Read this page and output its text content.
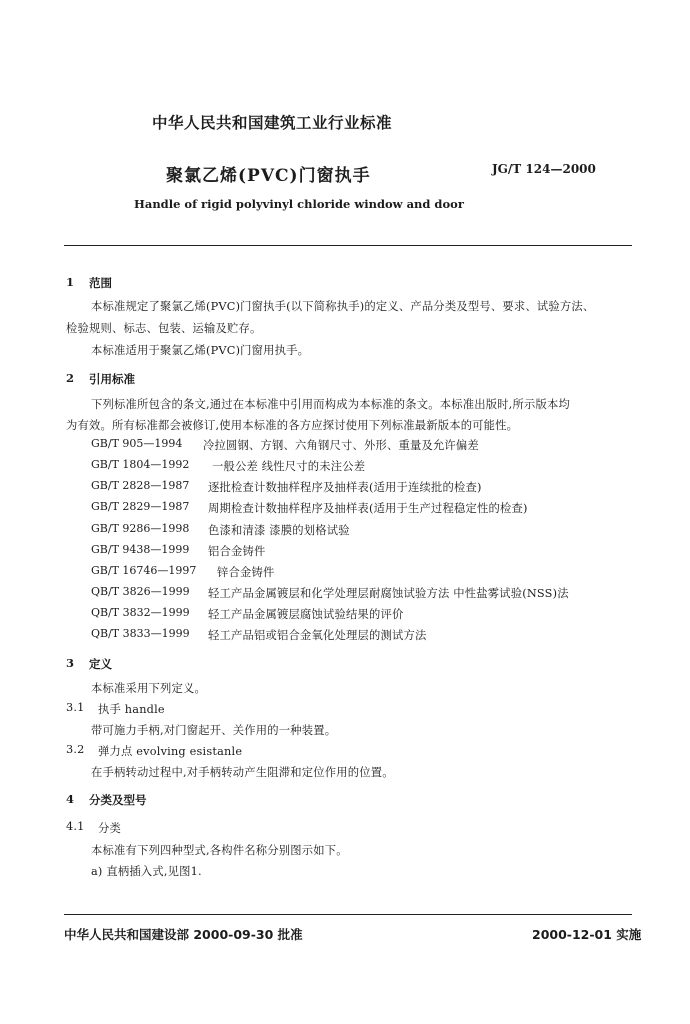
中华人民共和国建筑工业行业标准
聚氯乙烯(PVC)门窗执手	JG/T 124—2000
Handle of rigid polyvinyl chloride window and door
1 范围
本标准规定了聚氯乙烯(PVC)门窗执手(以下简称执手)的定义、产品分类及型号、要求、试验方法、
检验规则、标志、包装、运输及贮存。
本标准适用于聚氯乙烯(PVC)门窗用执手。
2 引用标准
下列标准所包含的条文,通过在本标准中引用而构成为本标准的条文。本标准出版时,所示版本均
为有效。所有标准都会被修订,使用本标准的各方应探讨使用下列标准最新版本的可能性。
GB/T 905—1994 冷拉圆钢、方钢、六角钢尺寸、外形、重量及允许偏差
GB/T 1804—1992 一般公差 线性尺寸的未注公差
GB/T 2828—1987 逐批检查计数抽样程序及抽样表(适用于连续批的检查)
GB/T 2829—1987 周期检查计数抽样程序及抽样表(适用于生产过程稳定性的检查)
GB/T 9286—1998 色漆和清漆 漆膜的划格试验
GB/T 9438—1999 铝合金铸件
GB/T 16746—1997 锌合金铸件
QB/T 3826—1999 轻工产品金属镀层和化学处理层耐腐蚀试验方法 中性盐雾试验(NSS)法
QB/T 3832—1999 轻工产品金属镀层腐蚀试验结果的评价
QB/T 3833—1999 轻工产品铝或铝合金氧化处理层的测试方法
3 定义
本标准采用下列定义。
3.1 执手 handle
带可施力手柄,对门窗起开、关作用的一种装置。
3.2 弹力点 evolving esistanle
在手柄转动过程中,对手柄转动产生阻滞和定位作用的位置。
4 分类及型号
4.1 分类
本标准有下列四种型式,各构件名称分别图示如下。
a) 直柄插入式,见图1.
中华人民共和国建设部 2000-09-30 批准	2000-12-01 实施
